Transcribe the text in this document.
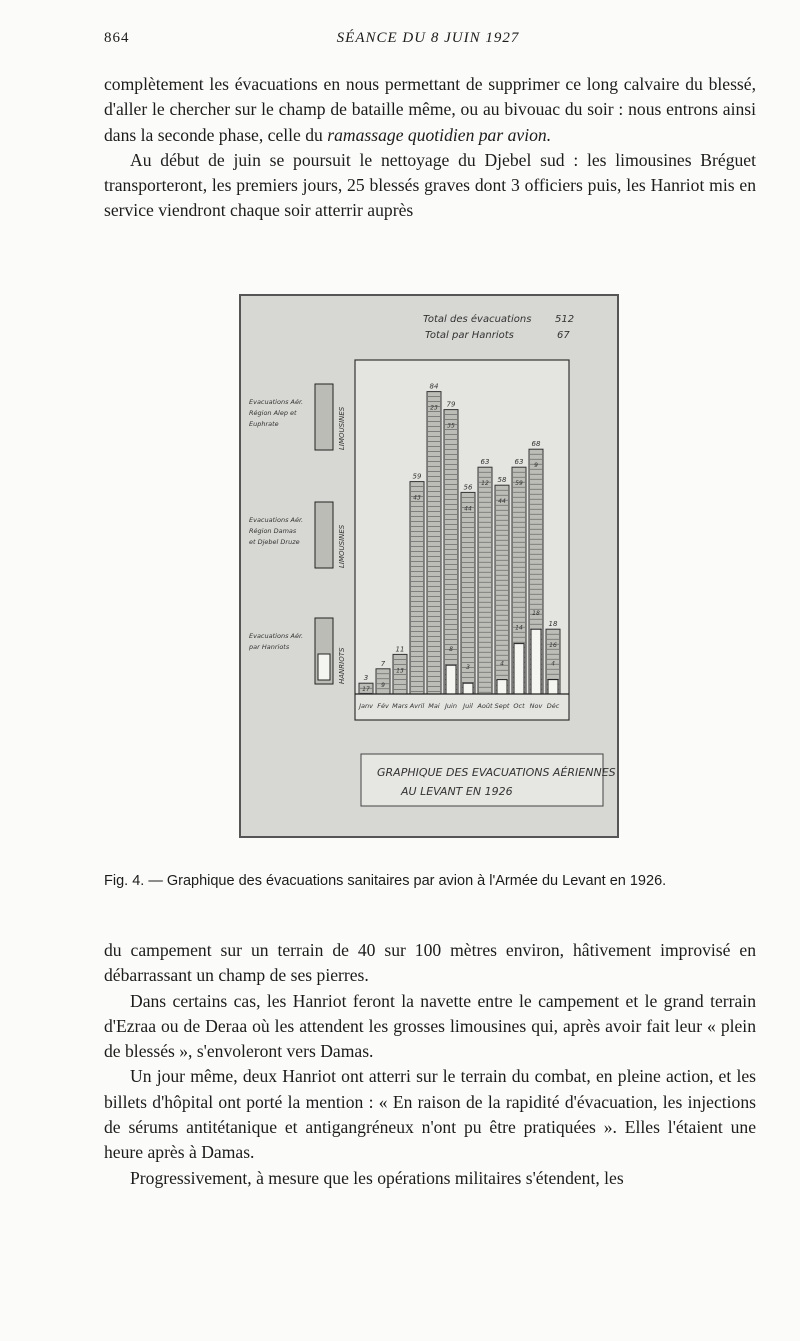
864	SÉANCE DU 8 JUIN 1927

complètement les évacuations en nous permettant de supprimer ce long calvaire du blessé, d'aller le chercher sur le champ de bataille même, ou au bivouac du soir : nous entrons ainsi dans la seconde phase, celle du ramassage quotidien par avion.

Au début de juin se poursuit le nettoyage du Djebel sud : les limousines Bréguet transporteront, les premiers jours, 25 blessés graves dont 3 officiers puis, les Hanriot mis en service viendront chaque soir atterrir auprès

Total des évacuations 512
Total par Hanriots	67
Evacuations Aér.
Région Alep et
Euphrate	LIMOUSINES
Evacuations Aér.
Région Damas
et Djebel Druze	LIMOUSINES
Evacuations Aér.
par Hanriots
HANRIOTS	3
17
7
9
11
13
59
43
84
23 79
35
8
56
44
3
63
12 58
44
4
63
59
14
68
9
18
18
16
4
Janv Fév Mars Avril Mai Juin Juil Août Sept Oct Nov Déc
GRAPHIQUE DES EVACUATIONS AÉRIENNES
AU LEVANT EN 1926
Fig. 4. — Graphique des évacuations sanitaires par avion à l'Armée du Levant en 1926.

du campement sur un terrain de 40 sur 100 mètres environ, hâtivement improvisé en débarrassant un champ de ses pierres.

Dans certains cas, les Hanriot feront la navette entre le campement et le grand terrain d'Ezraa ou de Deraa où les attendent les grosses limousines qui, après avoir fait leur « plein de blessés », s'envoleront vers Damas.

Un jour même, deux Hanriot ont atterri sur le terrain du combat, en pleine action, et les billets d'hôpital ont porté la mention : « En raison de la rapidité d'évacuation, les injections de sérums antitétanique et antigangréneux n'ont pu être pratiquées ». Elles l'étaient une heure après à Damas.

Progressivement, à mesure que les opérations militaires s'étendent, les
